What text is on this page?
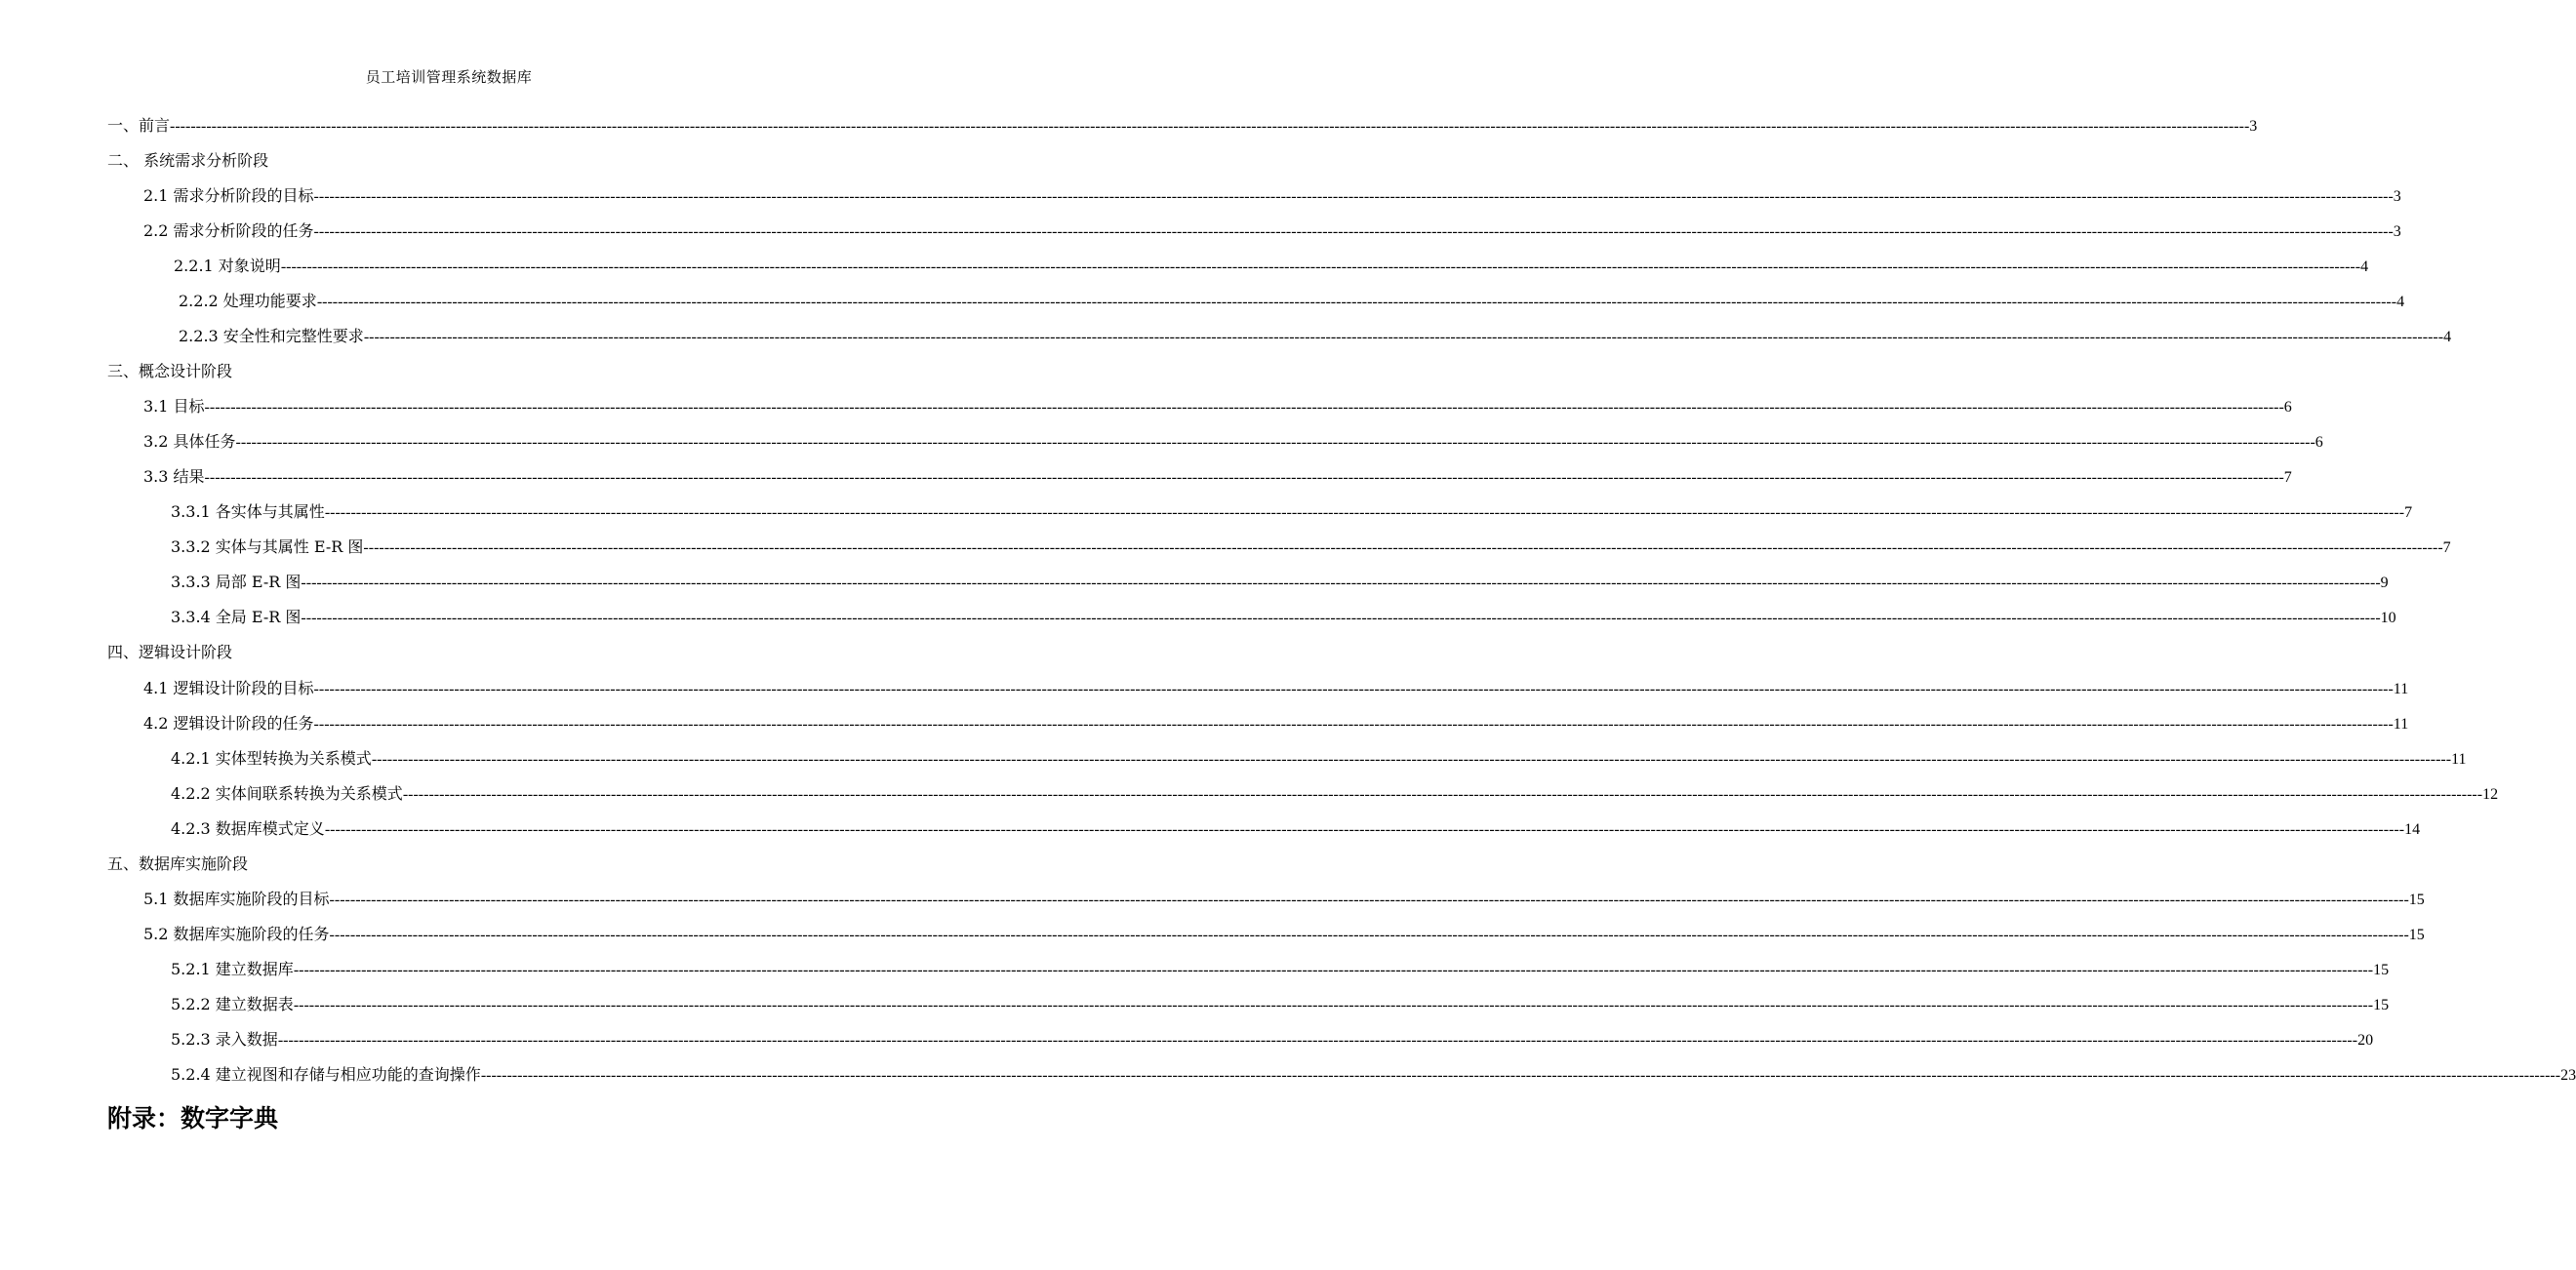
员工培训管理系统数据库
一、前言 ---------------------------------------------------------------------------------------------------------------------------------------------------------------------------------------------------------------------------------------------------------------------------------------------------------------------------------------------------------------------------------------------------------------- 3
二、 系统需求分析阶段
2.1 需求分析阶段的目标 ---------------------------------------------------------------------------------------------------------------------------------------------------------------------------------------------------------------------------------------------------------------------------------------------------------------------------------------------------------------------------------------------------------------- 3
2.2 需求分析阶段的任务 ---------------------------------------------------------------------------------------------------------------------------------------------------------------------------------------------------------------------------------------------------------------------------------------------------------------------------------------------------------------------------------------------------------------- 3
2.2.1 对象说明 ---------------------------------------------------------------------------------------------------------------------------------------------------------------------------------------------------------------------------------------------------------------------------------------------------------------------------------------------------------------------------------------------------------------- 4
2.2.2 处理功能要求 ---------------------------------------------------------------------------------------------------------------------------------------------------------------------------------------------------------------------------------------------------------------------------------------------------------------------------------------------------------------------------------------------------------------- 4
2.2.3 安全性和完整性要求 ---------------------------------------------------------------------------------------------------------------------------------------------------------------------------------------------------------------------------------------------------------------------------------------------------------------------------------------------------------------------------------------------------------------- 4
三、概念设计阶段
3.1 目标 ---------------------------------------------------------------------------------------------------------------------------------------------------------------------------------------------------------------------------------------------------------------------------------------------------------------------------------------------------------------------------------------------------------------- 6
3.2 具体任务 ---------------------------------------------------------------------------------------------------------------------------------------------------------------------------------------------------------------------------------------------------------------------------------------------------------------------------------------------------------------------------------------------------------------- 6
3.3 结果 ---------------------------------------------------------------------------------------------------------------------------------------------------------------------------------------------------------------------------------------------------------------------------------------------------------------------------------------------------------------------------------------------------------------- 7
3.3.1 各实体与其属性 ---------------------------------------------------------------------------------------------------------------------------------------------------------------------------------------------------------------------------------------------------------------------------------------------------------------------------------------------------------------------------------------------------------------- 7
3.3.2 实体与其属性 E-R 图 ---------------------------------------------------------------------------------------------------------------------------------------------------------------------------------------------------------------------------------------------------------------------------------------------------------------------------------------------------------------------------------------------------------------- 7
3.3.3 局部 E-R 图 ---------------------------------------------------------------------------------------------------------------------------------------------------------------------------------------------------------------------------------------------------------------------------------------------------------------------------------------------------------------------------------------------------------------- 9
3.3.4 全局 E-R 图 ---------------------------------------------------------------------------------------------------------------------------------------------------------------------------------------------------------------------------------------------------------------------------------------------------------------------------------------------------------------------------------------------------------------- 10
四、逻辑设计阶段
4.1 逻辑设计阶段的目标 ---------------------------------------------------------------------------------------------------------------------------------------------------------------------------------------------------------------------------------------------------------------------------------------------------------------------------------------------------------------------------------------------------------------- 11
4.2 逻辑设计阶段的任务 ---------------------------------------------------------------------------------------------------------------------------------------------------------------------------------------------------------------------------------------------------------------------------------------------------------------------------------------------------------------------------------------------------------------- 11
4.2.1 实体型转换为关系模式 ---------------------------------------------------------------------------------------------------------------------------------------------------------------------------------------------------------------------------------------------------------------------------------------------------------------------------------------------------------------------------------------------------------------- 11
4.2.2 实体间联系转换为关系模式 ---------------------------------------------------------------------------------------------------------------------------------------------------------------------------------------------------------------------------------------------------------------------------------------------------------------------------------------------------------------------------------------------------------------- 12
4.2.3 数据库模式定义 ---------------------------------------------------------------------------------------------------------------------------------------------------------------------------------------------------------------------------------------------------------------------------------------------------------------------------------------------------------------------------------------------------------------- 14
五、数据库实施阶段
5.1 数据库实施阶段的目标 ---------------------------------------------------------------------------------------------------------------------------------------------------------------------------------------------------------------------------------------------------------------------------------------------------------------------------------------------------------------------------------------------------------------- 15
5.2 数据库实施阶段的任务 ---------------------------------------------------------------------------------------------------------------------------------------------------------------------------------------------------------------------------------------------------------------------------------------------------------------------------------------------------------------------------------------------------------------- 15
5.2.1 建立数据库 ---------------------------------------------------------------------------------------------------------------------------------------------------------------------------------------------------------------------------------------------------------------------------------------------------------------------------------------------------------------------------------------------------------------- 15
5.2.2 建立数据表 ---------------------------------------------------------------------------------------------------------------------------------------------------------------------------------------------------------------------------------------------------------------------------------------------------------------------------------------------------------------------------------------------------------------- 15
5.2.3 录入数据 ---------------------------------------------------------------------------------------------------------------------------------------------------------------------------------------------------------------------------------------------------------------------------------------------------------------------------------------------------------------------------------------------------------------- 20
5.2.4 建立视图和存储与相应功能的查询操作 ---------------------------------------------------------------------------------------------------------------------------------------------------------------------------------------------------------------------------------------------------------------------------------------------------------------------------------------------------------------------------------------------------------------- 23
附录：数字字典
